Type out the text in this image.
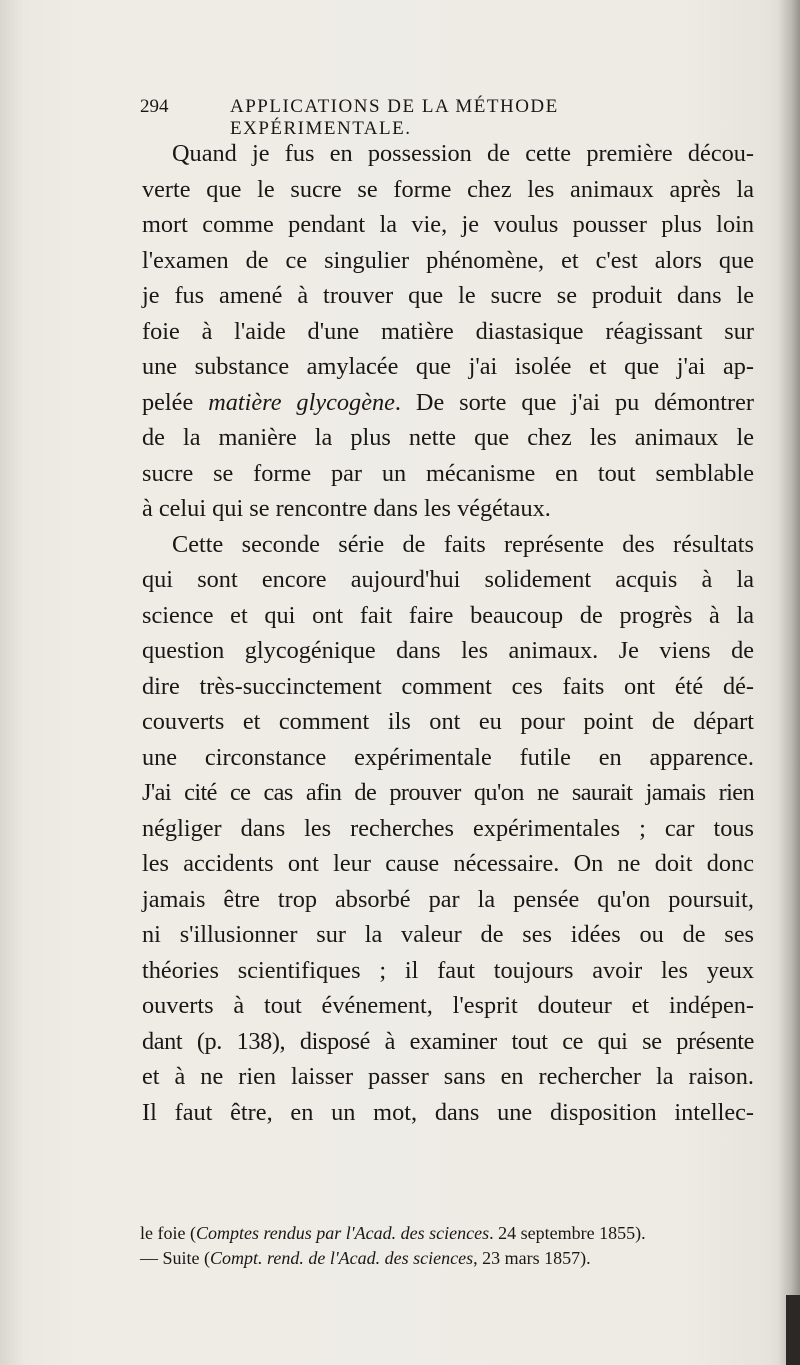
294	APPLICATIONS DE LA MÉTHODE EXPÉRIMENTALE.
Quand je fus en possession de cette première décou-
verte que le sucre se forme chez les animaux après la
mort comme pendant la vie, je voulus pousser plus loin
l'examen de ce singulier phénomène, et c'est alors que
je fus amené à trouver que le sucre se produit dans le
foie à l'aide d'une matière diastasique réagissant sur
une substance amylacée que j'ai isolée et que j'ai ap-
pelée matière glycogène. De sorte que j'ai pu démontrer
de la manière la plus nette que chez les animaux le
sucre se forme par un mécanisme en tout semblable
à celui qui se rencontre dans les végétaux.
Cette seconde série de faits représente des résultats
qui sont encore aujourd'hui solidement acquis à la
science et qui ont fait faire beaucoup de progrès à la
question glycogénique dans les animaux. Je viens de
dire très-succinctement comment ces faits ont été dé-
couverts et comment ils ont eu pour point de départ
une circonstance expérimentale futile en apparence.
J'ai cité ce cas afin de prouver qu'on ne saurait jamais rien
négliger dans les recherches expérimentales ; car tous
les accidents ont leur cause nécessaire. On ne doit donc
jamais être trop absorbé par la pensée qu'on poursuit,
ni s'illusionner sur la valeur de ses idées ou de ses
théories scientifiques ; il faut toujours avoir les yeux
ouverts à tout événement, l'esprit douteur et indépen-
dant (p. 138), disposé à examiner tout ce qui se présente
et à ne rien laisser passer sans en rechercher la raison.
Il faut être, en un mot, dans une disposition intellec-
le foie (Comptes rendus par l'Acad. des sciences. 24 septembre 1855).
— Suite (Compt. rend. de l'Acad. des sciences, 23 mars 1857).
